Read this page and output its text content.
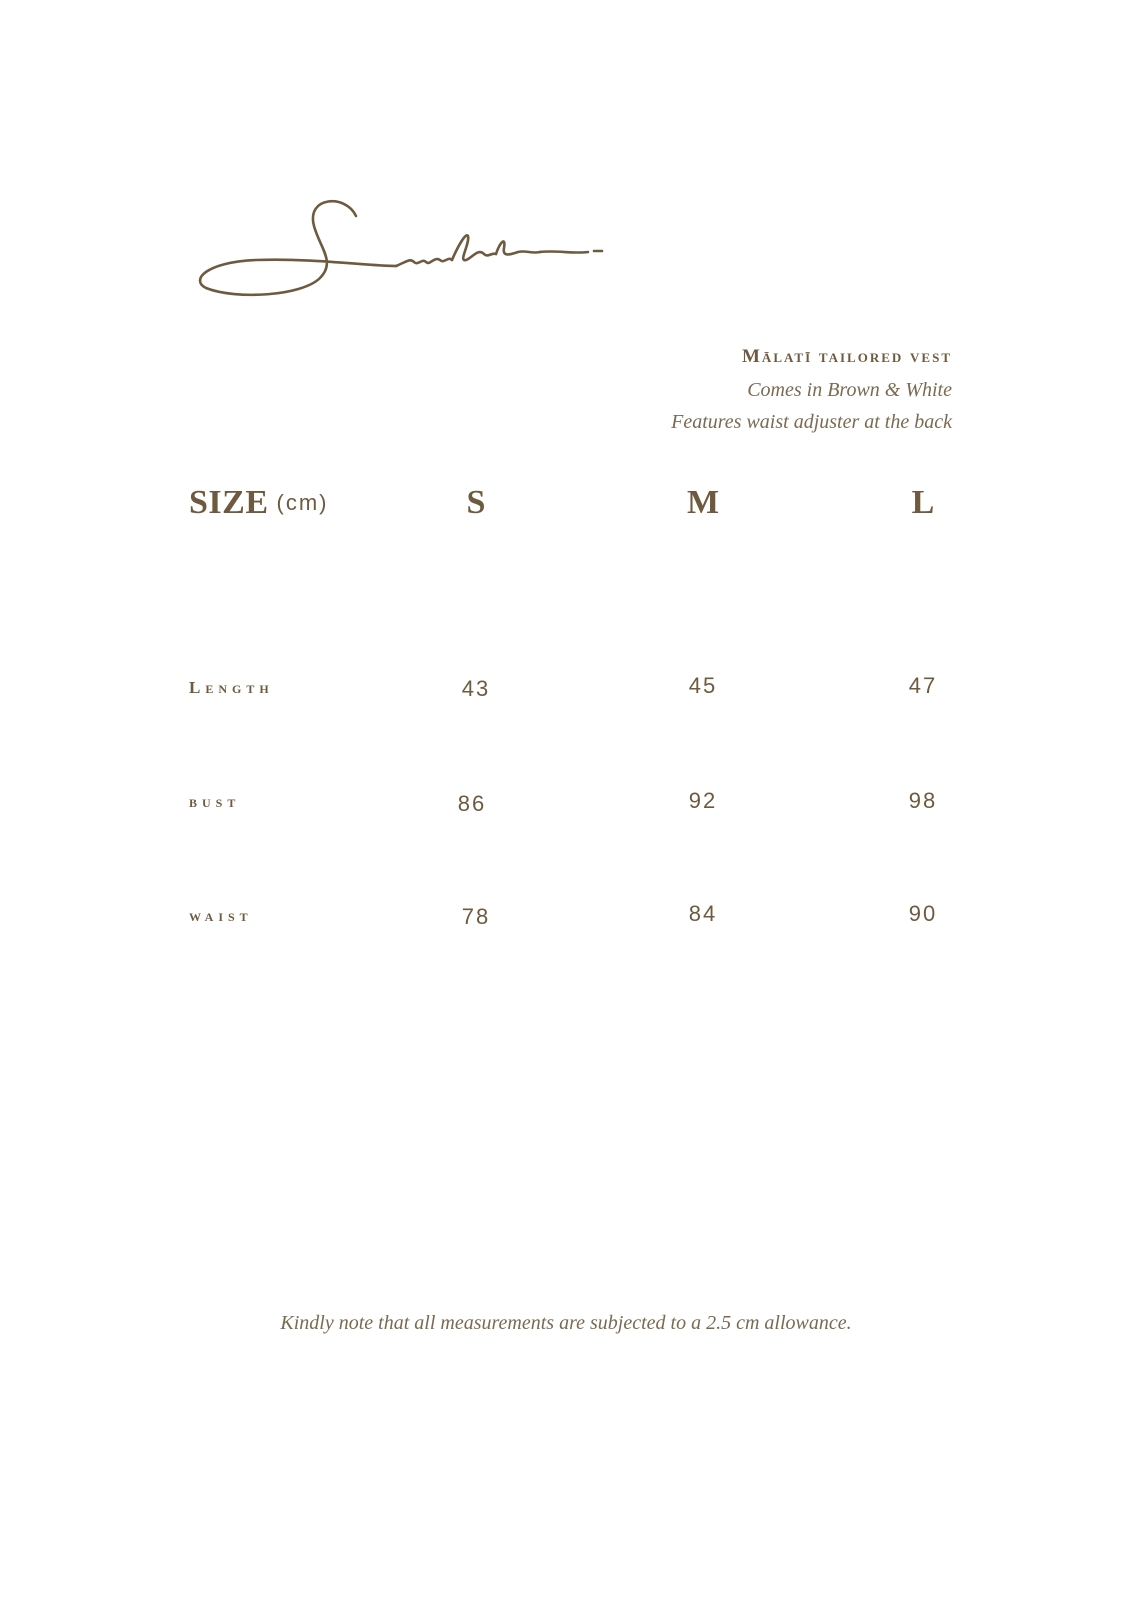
Mālatī tailored vest
Comes in Brown & White
Features waist adjuster at the back
SIZE (cm)	S	M	L
Length	43	45	47
bust	86	92	98
waist	78	84	90
Kindly note that all measurements are subjected to a 2.5 cm allowance.
